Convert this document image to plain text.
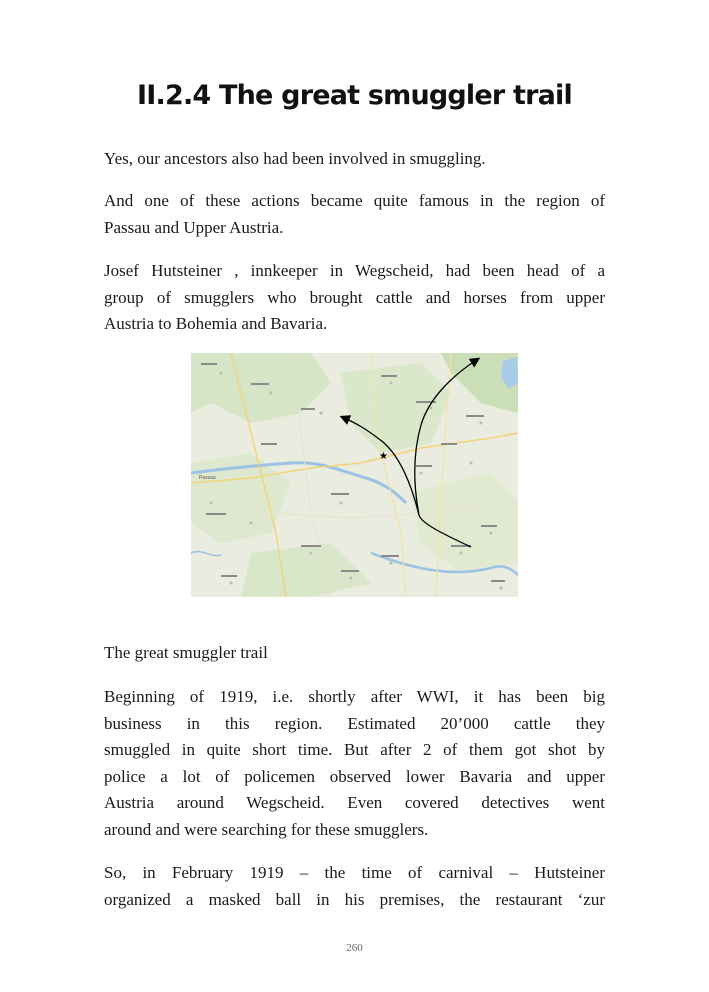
II.2.4 The great smuggler trail

Yes, our ancestors also had been involved in smuggling.

And one of these actions became quite famous in the region of
Passau and Upper Austria.

Josef Hutsteiner , innkeeper in Wegscheid, had been head of a
group of smugglers who brought cattle and horses from upper
Austria to Bohemia and Bavaria.

Passau
★

The great smuggler trail

Beginning of 1919, i.e. shortly after WWI, it has been big
business in this region. Estimated 20’000 cattle they
smuggled in quite short time. But after 2 of them got shot by
police a lot of policemen observed lower Bavaria and upper
Austria around Wegscheid. Even covered detectives went
around and were searching for these smugglers.

So, in February 1919 – the time of carnival – Hutsteiner
organized a masked ball in his premises, the restaurant ‘zur

260
